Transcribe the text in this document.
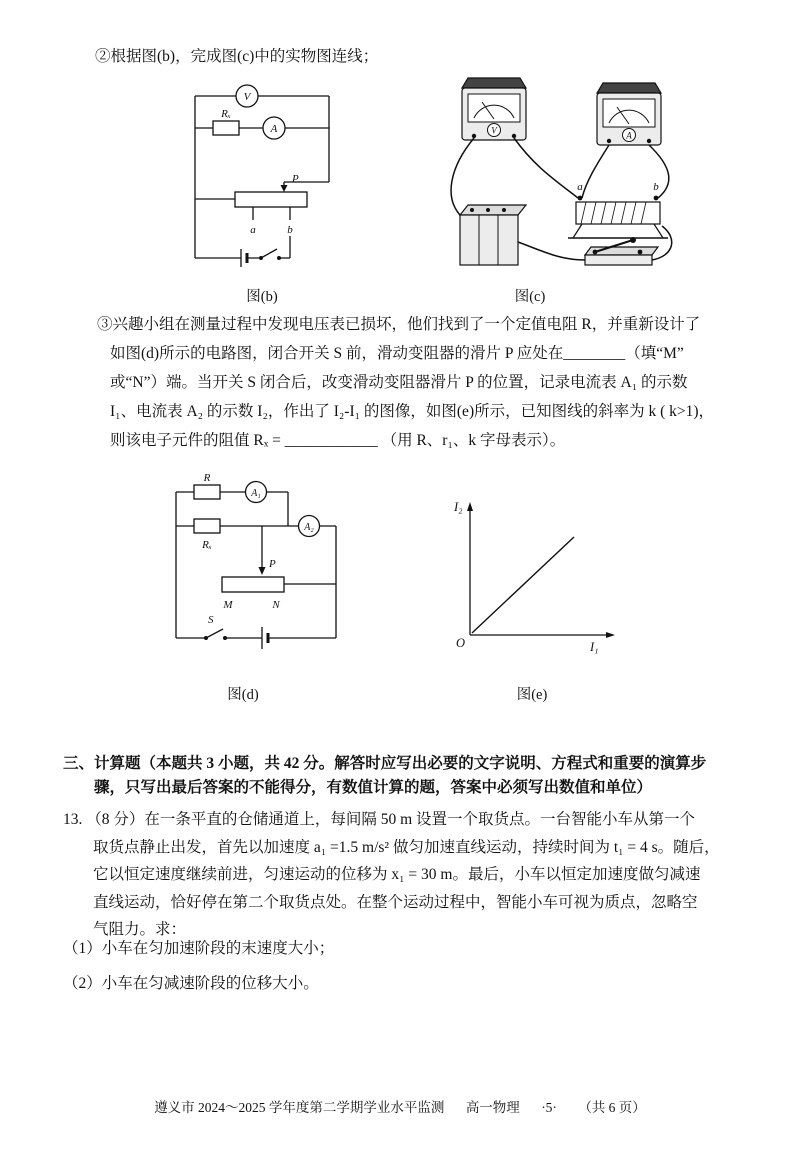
②根据图(b)，完成图(c)中的实物图连线；
V
Rₓ
A
P
a	b
图(b)
V	A
a	b
图(c)
③兴趣小组在测量过程中发现电压表已损坏，他们找到了一个定值电阻 R，并重新设计了
如图(d)所示的电路图，闭合开关 S 前，滑动变阻器的滑片 P 应处在________（填“M”
或“N”）端。当开关 S 闭合后，改变滑动变阻器滑片 P 的位置，记录电流表 A₁ 的示数
I₁、电流表 A₂ 的示数 I₂，作出了 I₂-I₁ 的图像，如图(e)所示，已知图线的斜率为 k ( k>1)，
则该电子元件的阻值 Rₓ = ____________ （用 R、r₁、k 字母表示）。
R
A₁
Rₓ
A₂
P
M	N
S
图(d)
I₂
I₁
O
图(e)
三、计算题（本题共 3 小题，共 42 分。解答时应写出必要的文字说明、方程式和重要的演算步
骤，只写出最后答案的不能得分，有数值计算的题，答案中必须写出数值和单位）
13. （8 分）在一条平直的仓储通道上，每间隔 50 m 设置一个取货点。一台智能小车从第一个
取货点静止出发，首先以加速度 a₁ =1.5 m/s² 做匀加速直线运动，持续时间为 t₁ = 4 s。随后，
它以恒定速度继续前进，匀速运动的位移为 x₁ = 30 m。最后，小车以恒定加速度做匀减速
直线运动，恰好停在第二个取货点处。在整个运动过程中，智能小车可视为质点，忽略空
气阻力。求：
（1）小车在匀加速阶段的末速度大小；
（2）小车在匀减速阶段的位移大小。
遵义市 2024～2025 学年度第二学期学业水平监测 高一物理 ·5· （共 6 页）
